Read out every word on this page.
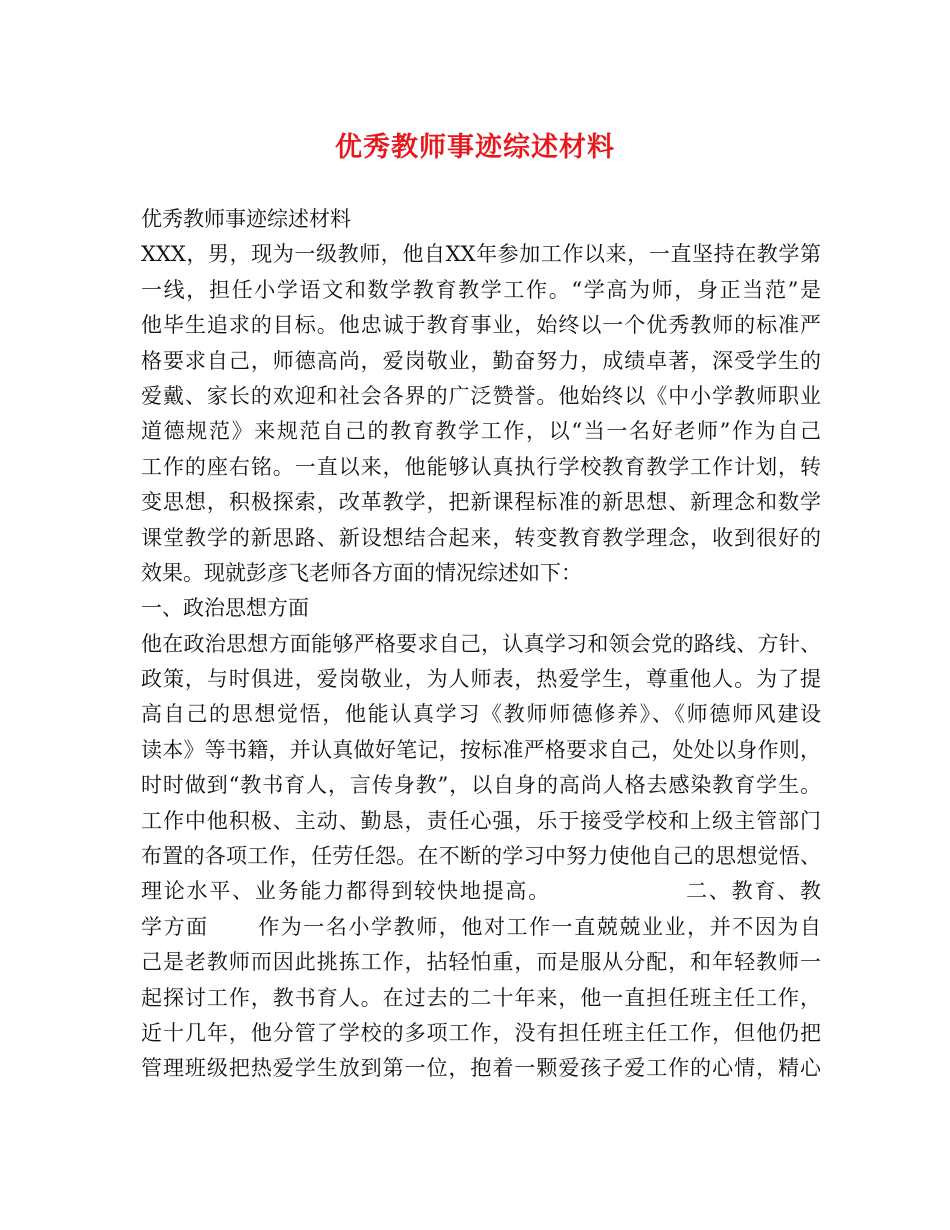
优秀教师事迹综述材料
优秀教师事迹综述材料
XXX，男，现为一级教师，他自XX年参加工作以来，一直坚持在教学第
一线，担任小学语文和数学教育教学工作。“学高为师，身正当范”是
他毕生追求的目标。他忠诚于教育事业，始终以一个优秀教师的标准严
格要求自己，师德高尚，爱岗敬业，勤奋努力，成绩卓著，深受学生的
爱戴、家长的欢迎和社会各界的广泛赞誉。他始终以《中小学教师职业
道德规范》来规范自己的教育教学工作，以“当一名好老师”作为自己
工作的座右铭。一直以来，他能够认真执行学校教育教学工作计划，转
变思想，积极探索，改革教学，把新课程标准的新思想、新理念和数学
课堂教学的新思路、新设想结合起来，转变教育教学理念，收到很好的
效果。现就彭彦飞老师各方面的情况综述如下：
一、政治思想方面
他在政治思想方面能够严格要求自己，认真学习和领会党的路线、方针、
政策，与时俱进，爱岗敬业，为人师表，热爱学生，尊重他人。为了提
高自己的思想觉悟，他能认真学习《教师师德修养》、《师德师风建设
读本》等书籍，并认真做好笔记，按标准严格要求自己，处处以身作则，
时时做到“教书育人，言传身教”，以自身的高尚人格去感染教育学生。
工作中他积极、主动、勤恳，责任心强，乐于接受学校和上级主管部门
布置的各项工作，任劳任怨。在不断的学习中努力使他自己的思想觉悟、
理论水平、业务能力都得到较快地提高。                二、教育、教
学方面      作为一名小学教师，他对工作一直兢兢业业，并不因为自
己是老教师而因此挑拣工作，拈轻怕重，而是服从分配，和年轻教师一
起探讨工作，教书育人。在过去的二十年来，他一直担任班主任工作，
近十几年，他分管了学校的多项工作，没有担任班主任工作，但他仍把
管理班级把热爱学生放到第一位，抱着一颗爱孩子爱工作的心情，精心
